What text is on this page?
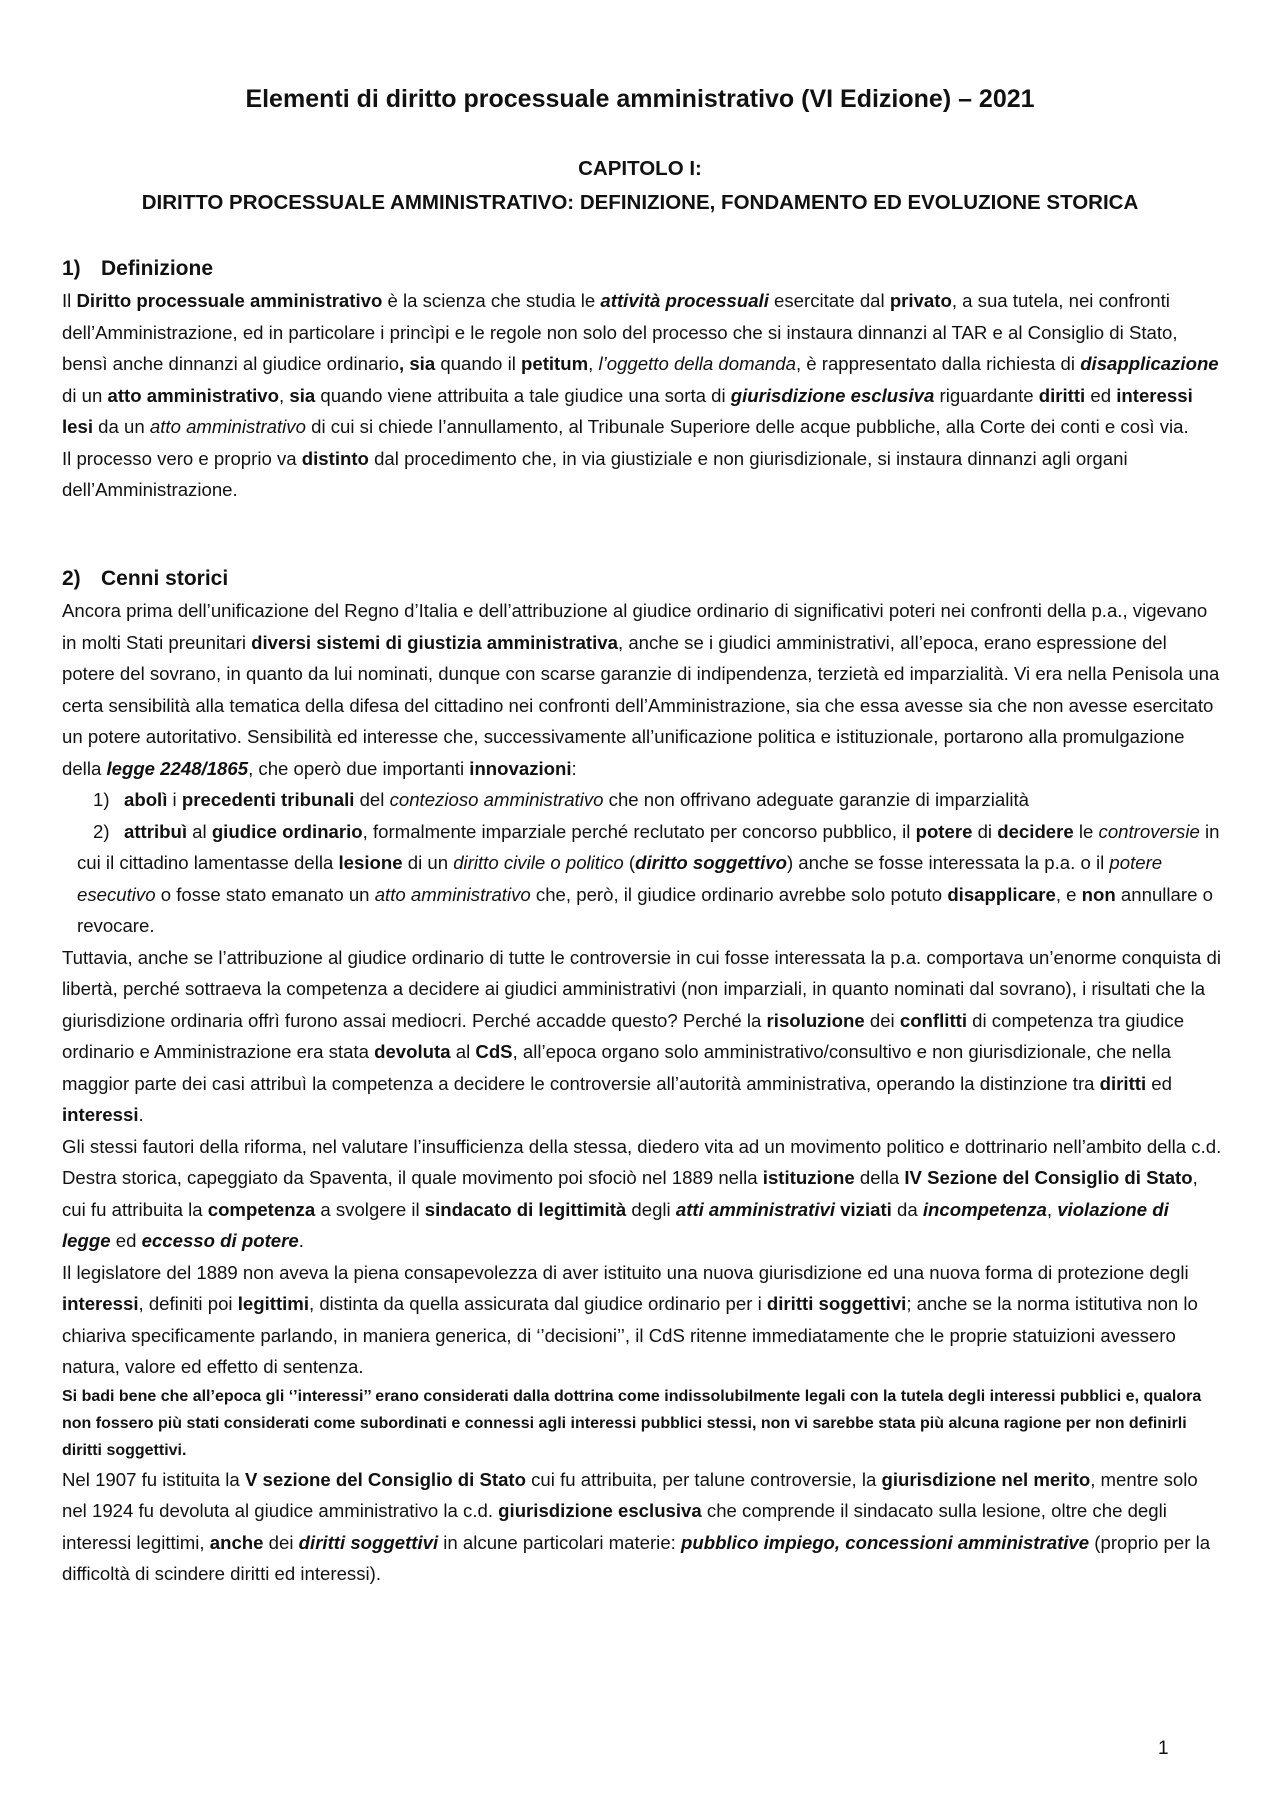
Elementi di diritto processuale amministrativo (VI Edizione) – 2021
CAPITOLO I:
DIRITTO PROCESSUALE AMMINISTRATIVO: DEFINIZIONE, FONDAMENTO ED EVOLUZIONE STORICA
1) Definizione

Il Diritto processuale amministrativo è la scienza che studia le attività processuali esercitate dal privato, a sua tutela, nei confronti dell’Amministrazione, ed in particolare i princìpi e le regole non solo del processo che si instaura dinnanzi al TAR e al Consiglio di Stato, bensì anche dinnanzi al giudice ordinario, sia quando il petitum, l’oggetto della domanda, è rappresentato dalla richiesta di disapplicazione di un atto amministrativo, sia quando viene attribuita a tale giudice una sorta di giurisdizione esclusiva riguardante diritti ed interessi lesi da un atto amministrativo di cui si chiede l’annullamento, al Tribunale Superiore delle acque pubbliche, alla Corte dei conti e così via.

Il processo vero e proprio va distinto dal procedimento che, in via giustiziale e non giurisdizionale, si instaura dinnanzi agli organi dell’Amministrazione.

2) Cenni storici

Ancora prima dell’unificazione del Regno d’Italia e dell’attribuzione al giudice ordinario di significativi poteri nei confronti della p.a., vigevano in molti Stati preunitari diversi sistemi di giustizia amministrativa, anche se i giudici amministrativi, all’epoca, erano espressione del potere del sovrano, in quanto da lui nominati, dunque con scarse garanzie di indipendenza, terzietà ed imparzialità. Vi era nella Penisola una certa sensibilità alla tematica della difesa del cittadino nei confronti dell’Amministrazione, sia che essa avesse sia che non avesse esercitato un potere autoritativo. Sensibilità ed interesse che, successivamente all’unificazione politica e istituzionale, portarono alla promulgazione della legge 2248/1865, che operò due importanti innovazioni:

1) abolì i precedenti tribunali del contezioso amministrativo che non offrivano adeguate garanzie di imparzialità
2) attribuì al giudice ordinario, formalmente imparziale perché reclutato per concorso pubblico, il potere di decidere le controversie in cui il cittadino lamentasse della lesione di un diritto civile o politico (diritto soggettivo) anche se fosse interessata la p.a. o il potere esecutivo o fosse stato emanato un atto amministrativo che, però, il giudice ordinario avrebbe solo potuto disapplicare, e non annullare o revocare.

Tuttavia, anche se l’attribuzione al giudice ordinario di tutte le controversie in cui fosse interessata la p.a. comportava un’enorme conquista di libertà, perché sottraeva la competenza a decidere ai giudici amministrativi (non imparziali, in quanto nominati dal sovrano), i risultati che la giurisdizione ordinaria offrì furono assai mediocri. Perché accadde questo? Perché la risoluzione dei conflitti di competenza tra giudice ordinario e Amministrazione era stata devoluta al CdS, all’epoca organo solo amministrativo/consultivo e non giurisdizionale, che nella maggior parte dei casi attribuì la competenza a decidere le controversie all’autorità amministrativa, operando la distinzione tra diritti ed interessi.

Gli stessi fautori della riforma, nel valutare l’insufficienza della stessa, diedero vita ad un movimento politico e dottrinario nell’ambito della c.d. Destra storica, capeggiato da Spaventa, il quale movimento poi sfociò nel 1889 nella istituzione della IV Sezione del Consiglio di Stato, cui fu attribuita la competenza a svolgere il sindacato di legittimità degli atti amministrativi viziati da incompetenza, violazione di legge ed eccesso di potere.

Il legislatore del 1889 non aveva la piena consapevolezza di aver istituito una nuova giurisdizione ed una nuova forma di protezione degli interessi, definiti poi legittimi, distinta da quella assicurata dal giudice ordinario per i diritti soggettivi; anche se la norma istitutiva non lo chiariva specificamente parlando, in maniera generica, di ‘’decisioni’’, il CdS ritenne immediatamente che le proprie statuizioni avessero natura, valore ed effetto di sentenza.

Si badi bene che all’epoca gli ‘’interessi’’ erano considerati dalla dottrina come indissolubilmente legali con la tutela degli interessi pubblici e, qualora non fossero più stati considerati come subordinati e connessi agli interessi pubblici stessi, non vi sarebbe stata più alcuna ragione per non definirli diritti soggettivi.

Nel 1907 fu istituita la V sezione del Consiglio di Stato cui fu attribuita, per talune controversie, la giurisdizione nel merito, mentre solo nel 1924 fu devoluta al giudice amministrativo la c.d. giurisdizione esclusiva che comprende il sindacato sulla lesione, oltre che degli interessi legittimi, anche dei diritti soggettivi in alcune particolari materie: pubblico impiego, concessioni amministrative (proprio per la difficoltà di scindere diritti ed interessi).

1
